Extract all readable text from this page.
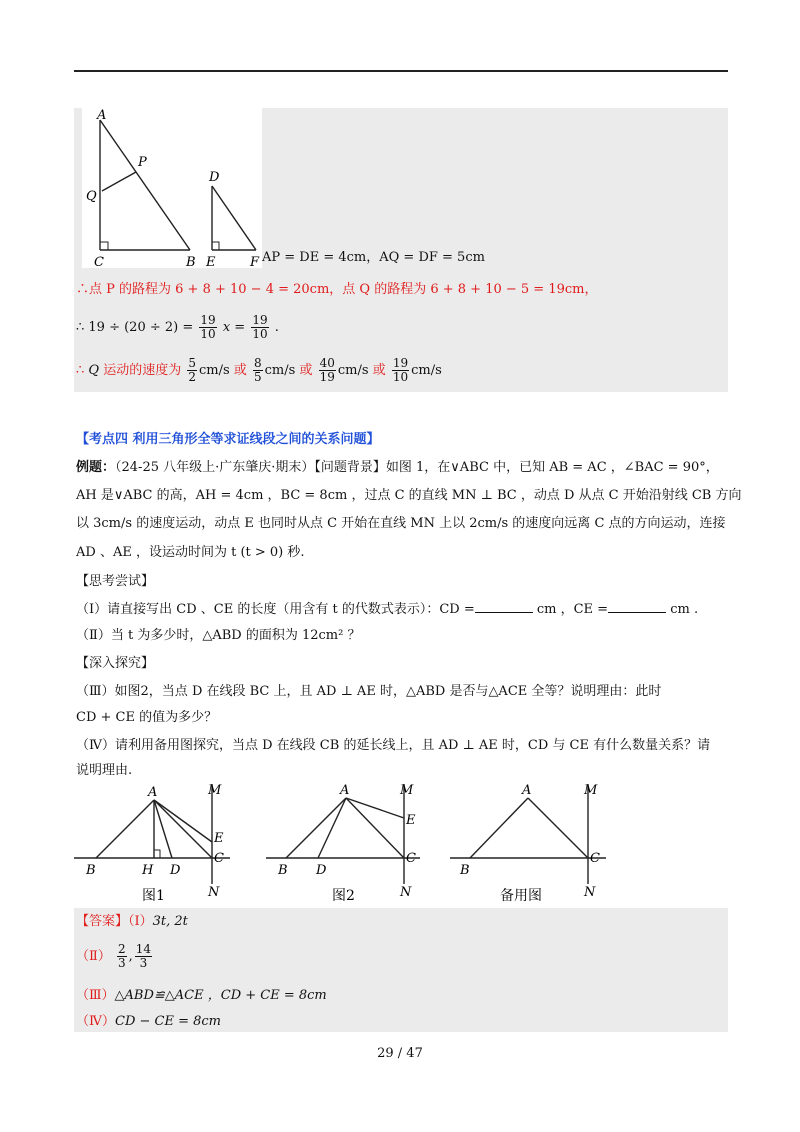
A
P
Q
C	B
D
E	F AP = DE = 4cm，AQ = DF = 5cm
∴点 P 的路程为 6 + 8 + 10 − 4 = 20cm，点 Q 的路程为 6 + 8 + 10 − 5 = 19cm，
∴ $19 \div (20 \div 2) = \frac{19}{10}$ $x = \frac{19}{10}$ .
∴ Q 运动的速度为 $\frac{5}{2} cm/s$ 或 $\frac{8}{5} cm/s$ 或 $\frac{40}{19} cm/s$ 或 $\frac{19}{10} cm/s$
【考点四 利用三角形全等求证线段之间的关系问题】
例题：（24-25 八年级上·广东肇庆·期末）【问题背景】如图 1，在∨ABC 中，已知 AB = AC ，∠BAC = 90°，
AH 是∨ABC 的高，AH = 4cm ，BC = 8cm ，过点 C 的直线 MN ⊥ BC ，动点 D 从点 C 开始沿射线 CB 方向
以 3cm/s 的速度运动，动点 E 也同时从点 C 开始在直线 MN 上以 2cm/s 的速度向远离 C 点的方向运动，连接
AD 、AE ，设运动时间为 t (t > 0) 秒.
【思考尝试】
（Ⅰ）请直接写出 CD 、CE 的长度（用含有 t 的代数式表示）：CD =	cm ，CE =	cm .
（Ⅱ）当 t 为多少时，△ABD 的面积为 12cm² ？
【深入探究】
（Ⅲ）如图2，当点 D 在线段 BC 上，且 AD ⊥ AE 时，△ABD 是否与△ACE 全等？说明理由：此时
CD + CE 的值为多少？
（Ⅳ）请利用备用图探究，当点 D 在线段 CB 的延长线上，且 AD ⊥ AE 时，CD 与 CE 有什么数量关系？请
说明理由.
A	M
E
C
N
B	H D
图1
A	M
E
C
N
B D
图2
A	M
C
N
B
备用图
【答案】（Ⅰ）3t, 2t
（Ⅱ） $\frac{2}{3}$ , $\frac{14}{3}$
（Ⅲ）△ABD≌△ACE ，CD + CE = 8cm
（Ⅳ）CD − CE = 8cm
29 / 47
